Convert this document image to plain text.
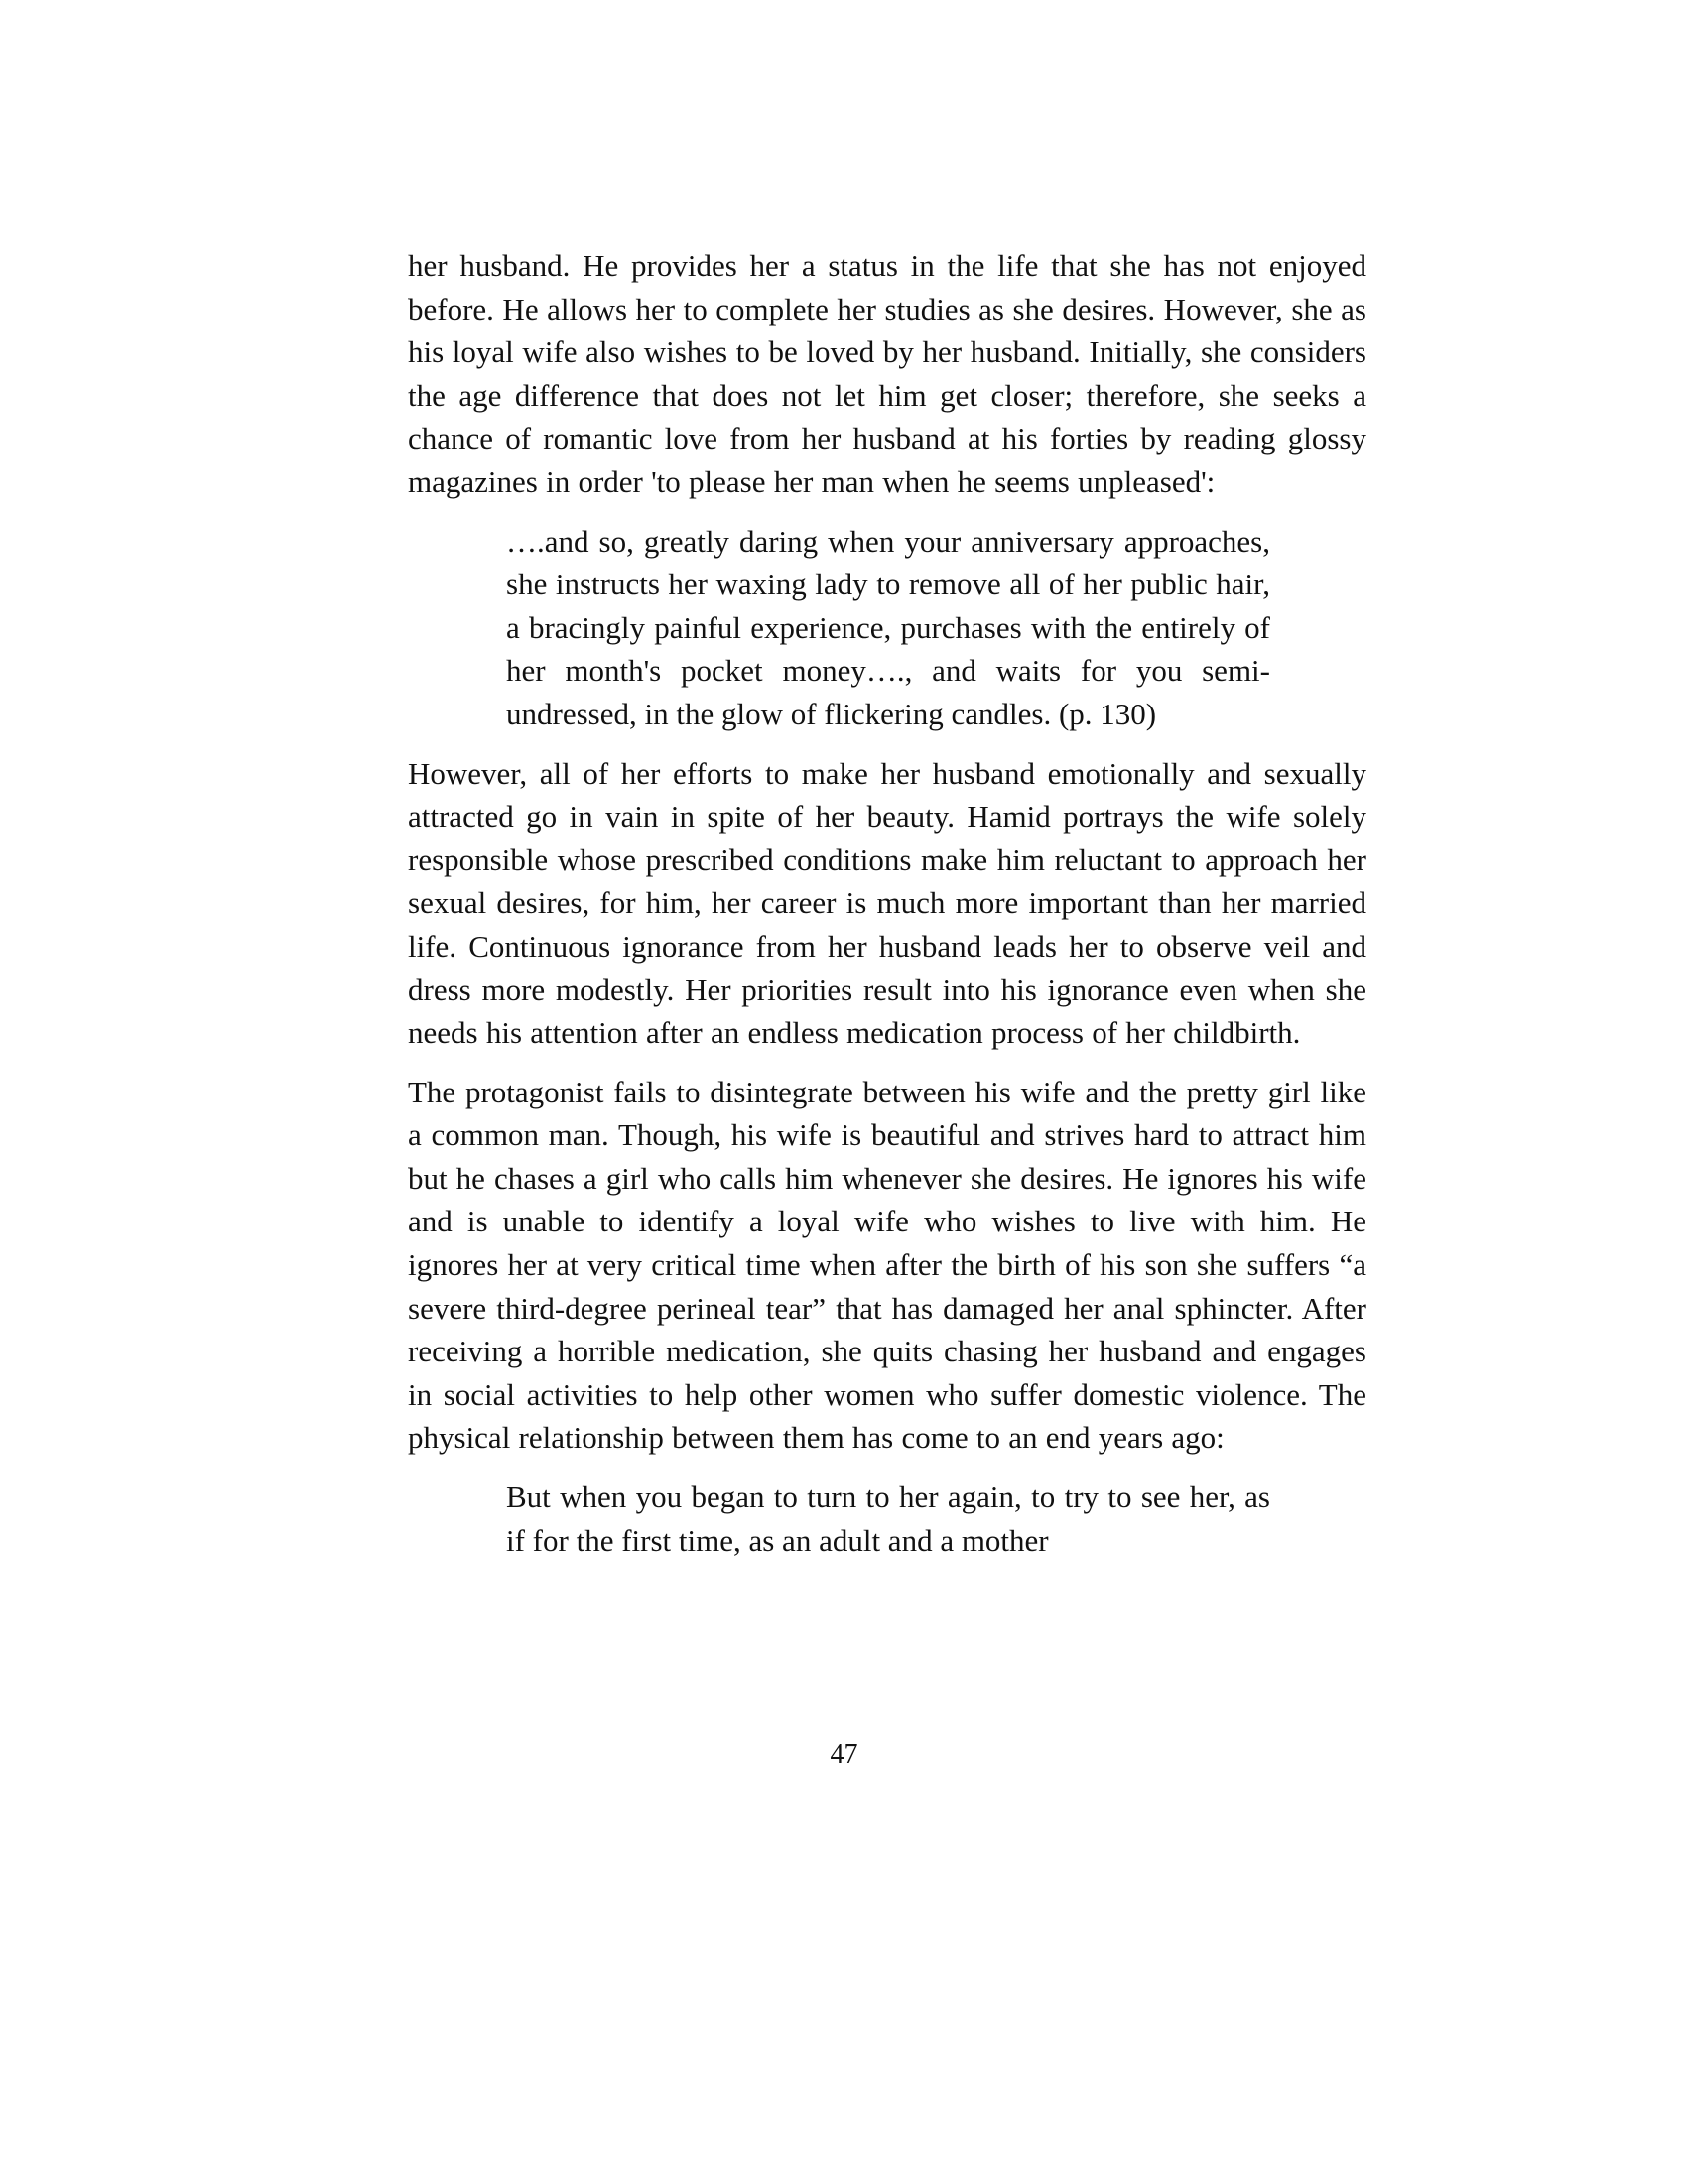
her husband. He provides her a status in the life that she has not enjoyed before. He allows her to complete her studies as she desires. However, she as his loyal wife also wishes to be loved by her husband. Initially, she considers the age difference that does not let him get closer; therefore, she seeks a chance of romantic love from her husband at his forties by reading glossy magazines in order 'to please her man when he seems unpleased':

….and so, greatly daring when your anniversary approaches, she instructs her waxing lady to remove all of her public hair, a bracingly painful experience, purchases with the entirely of her month's pocket money…., and waits for you semi-undressed, in the glow of flickering candles. (p. 130)

However, all of her efforts to make her husband emotionally and sexually attracted go in vain in spite of her beauty. Hamid portrays the wife solely responsible whose prescribed conditions make him reluctant to approach her sexual desires, for him, her career is much more important than her married life. Continuous ignorance from her husband leads her to observe veil and dress more modestly. Her priorities result into his ignorance even when she needs his attention after an endless medication process of her childbirth.

The protagonist fails to disintegrate between his wife and the pretty girl like a common man. Though, his wife is beautiful and strives hard to attract him but he chases a girl who calls him whenever she desires. He ignores his wife and is unable to identify a loyal wife who wishes to live with him. He ignores her at very critical time when after the birth of his son she suffers “a severe third-degree perineal tear” that has damaged her anal sphincter. After receiving a horrible medication, she quits chasing her husband and engages in social activities to help other women who suffer domestic violence. The physical relationship between them has come to an end years ago:

But when you began to turn to her again, to try to see her, as if for the first time, as an adult and a mother

47
